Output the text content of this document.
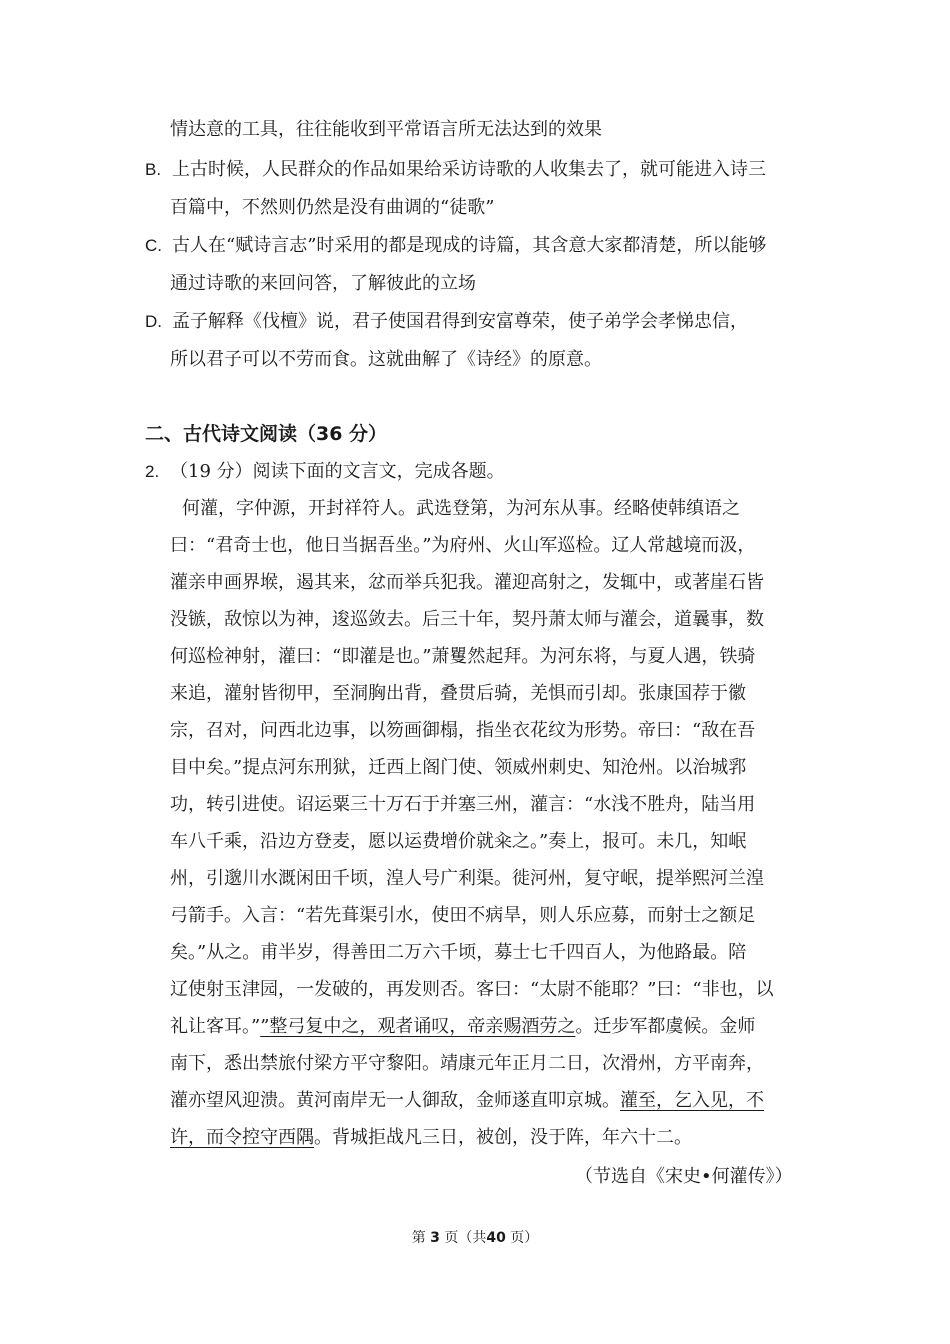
情达意的工具，往往能收到平常语言所无法达到的效果
B. 上古时候，人民群众的作品如果给采访诗歌的人收集去了，就可能进入诗三
百篇中，不然则仍然是没有曲调的“徒歌”
C. 古人在“赋诗言志”时采用的都是现成的诗篇，其含意大家都清楚，所以能够
通过诗歌的来回问答，了解彼此的立场
D. 孟子解释《伐檀》说，君子使国君得到安富尊荣，使子弟学会孝悌忠信，
所以君子可以不劳而食。这就曲解了《诗经》的原意。
二、古代诗文阅读（36 分）
2. （19 分）阅读下面的文言文，完成各题。
何灌，字仲源，开封祥符人。武选登第，为河东从事。经略使韩缜语之
曰：“君奇士也，他日当据吾坐。”为府州、火山军巡检。辽人常越境而汲，
灌亲申画界堠，遏其来，忿而举兵犯我。灌迎高射之，发辄中，或著崖石皆
没镞，敌惊以为神，逡巡敛去。后三十年，契丹萧太师与灌会，道曩事，数
何巡检神射，灌曰：“即灌是也。”萧矍然起拜。为河东将，与夏人遇，铁骑
来追，灌射皆彻甲，至洞胸出背，叠贯后骑，羌惧而引却。张康国荐于徽
宗，召对，问西北边事，以笏画御榻，指坐衣花纹为形势。帝曰：“敌在吾
目中矣。”提点河东刑狱，迁西上阁门使、领威州刺史、知沧州。以治城郛
功，转引进使。诏运粟三十万石于并塞三州，灌言：“水浅不胜舟，陆当用
车八千乘，沿边方登麦，愿以运费增价就籴之。”奏上，报可。未几，知岷
州，引邈川水溉闲田千顷，湟人号广利渠。徙河州，复守岷，提举熙河兰湟
弓箭手。入言：“若先葺渠引水，使田不病旱，则人乐应募，而射士之额足
矣。”从之。甫半岁，得善田二万六千顷，募士七千四百人，为他路最。陪
辽使射玉津园，一发破的，再发则否。客曰：“太尉不能耶？”曰：“非也，以
礼让客耳。””整弓复中之，观者诵叹，帝亲赐酒劳之。迁步军都虞候。金师
南下，悉出禁旅付梁方平守黎阳。靖康元年正月二日，次滑州，方平南奔，
灌亦望风迎溃。黄河南岸无一人御敌，金师遂直叩京城。灌至，乞入见，不
许，而令控守西隅。背城拒战凡三日，被创，没于阵，年六十二。
（节选自《宋史•何灌传》）
第 3 页（共40 页）
